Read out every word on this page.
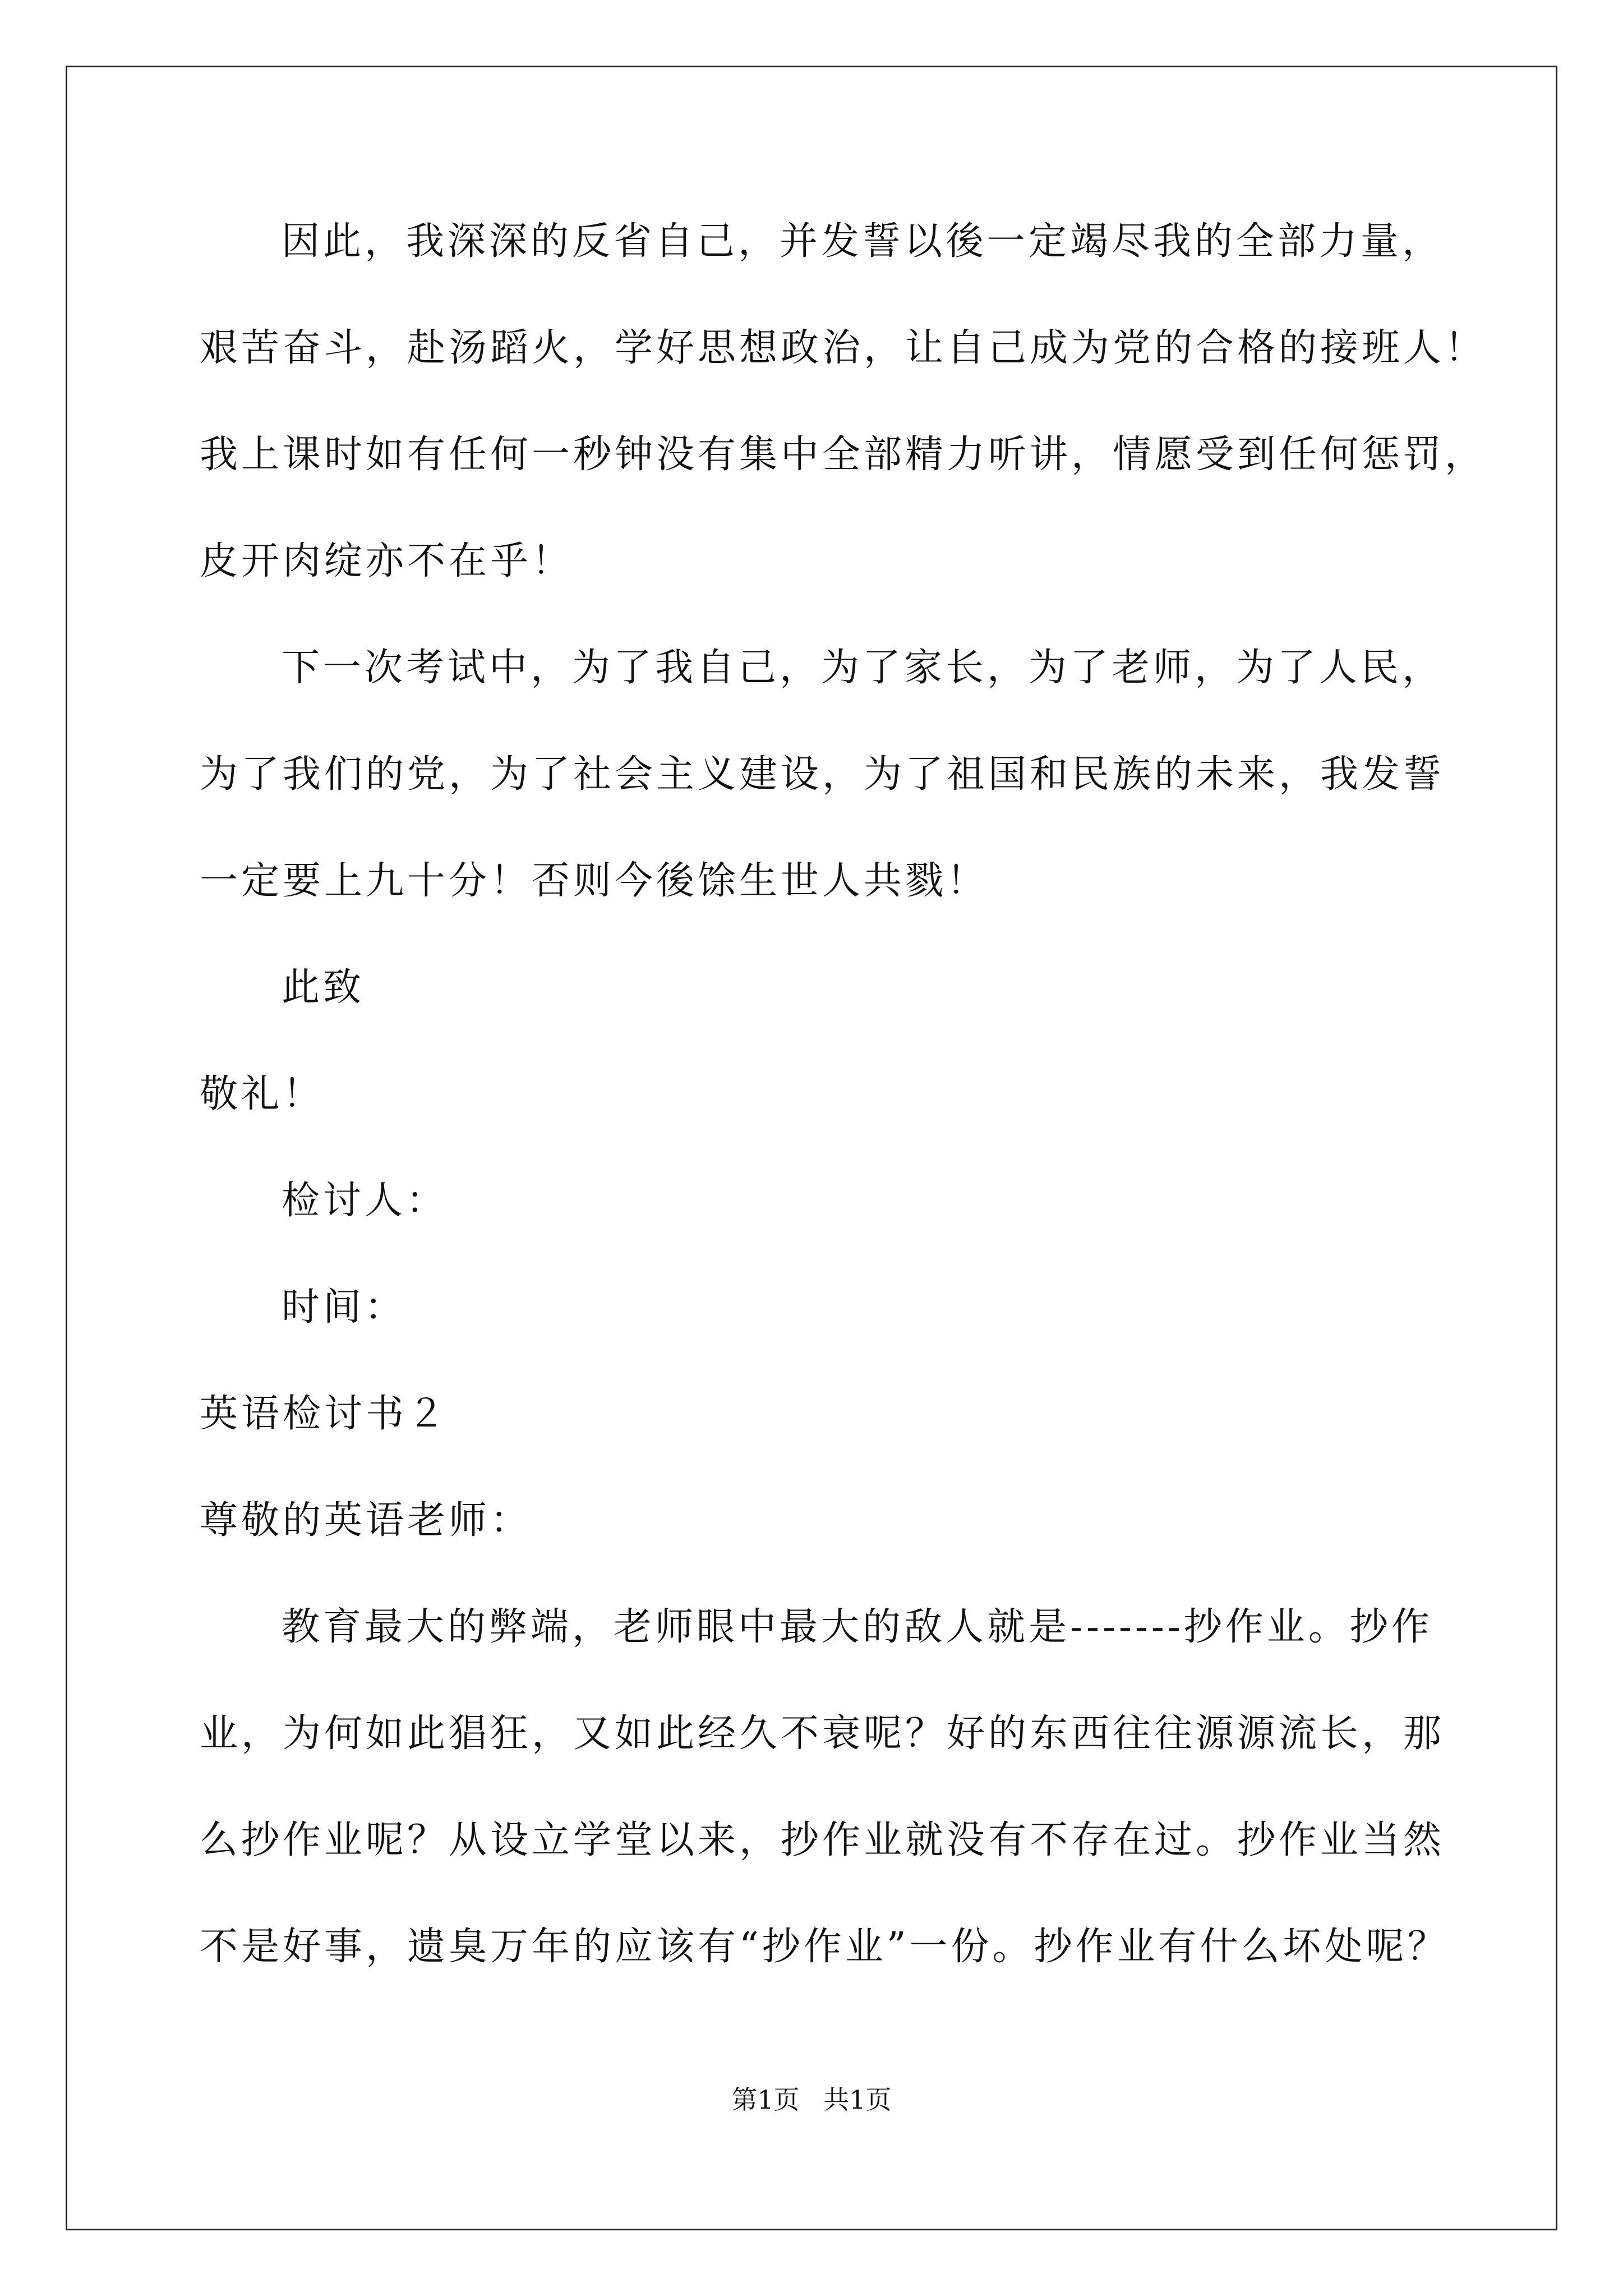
因此，我深深的反省自己，并发誓以後一定竭尽我的全部力量，
艰苦奋斗，赴汤蹈火，学好思想政治，让自己成为党的合格的接班人！
我上课时如有任何一秒钟没有集中全部精力听讲，情愿受到任何惩罚，
皮开肉绽亦不在乎！
下一次考试中，为了我自己，为了家长，为了老师，为了人民，
为了我们的党，为了社会主义建设，为了祖国和民族的未来，我发誓
一定要上九十分！否则今後馀生世人共戮！
此致
敬礼！
检讨人：
时间：
英语检讨书２
尊敬的英语老师：
教育最大的弊端，老师眼中最大的敌人就是-------抄作业。抄作
业，为何如此猖狂，又如此经久不衰呢？好的东西往往源源流长，那
么抄作业呢？从设立学堂以来，抄作业就没有不存在过。抄作业当然
不是好事，遗臭万年的应该有“抄作业”一份。抄作业有什么坏处呢？
第1页 共1页
